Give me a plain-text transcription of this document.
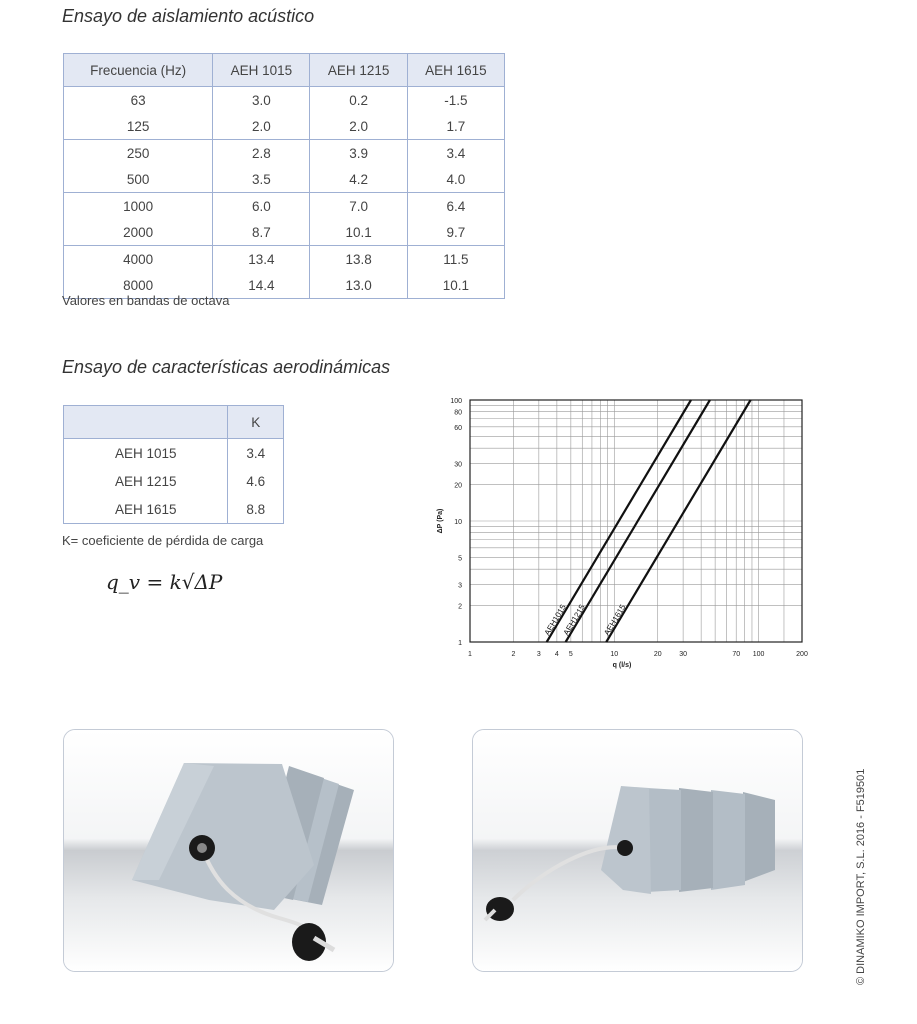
Ensayo de aislamiento acústico
Frecuencia (Hz)	AEH 1015	AEH 1215	AEH 1615
63	3.0	0.2	-1.5
125	2.0	2.0	1.7
250	2.8	3.9	3.4
500	3.5	4.2	4.0
1000	6.0	7.0	6.4
2000	8.7	10.1	9.7
4000	13.4	13.8	11.5
8000	14.4	13.0	10.1

Valores en bandas de octava

Ensayo de características aerodinámicas
	K
AEH 1015	3.4
AEH 1215	4.6
AEH 1615	8.8

K= coeficiente de pérdida de carga

q_v = k√ΔP
AEH1015
AEH1215 AEH1615
1	2	3 4 5	10	20	30	70 100	200
1
2
3
5
10
20
30
60
80
100
q (l/s)
ΔP (Pa)
© DINAMIKO IMPORT, S.L. 2016 - F519501
